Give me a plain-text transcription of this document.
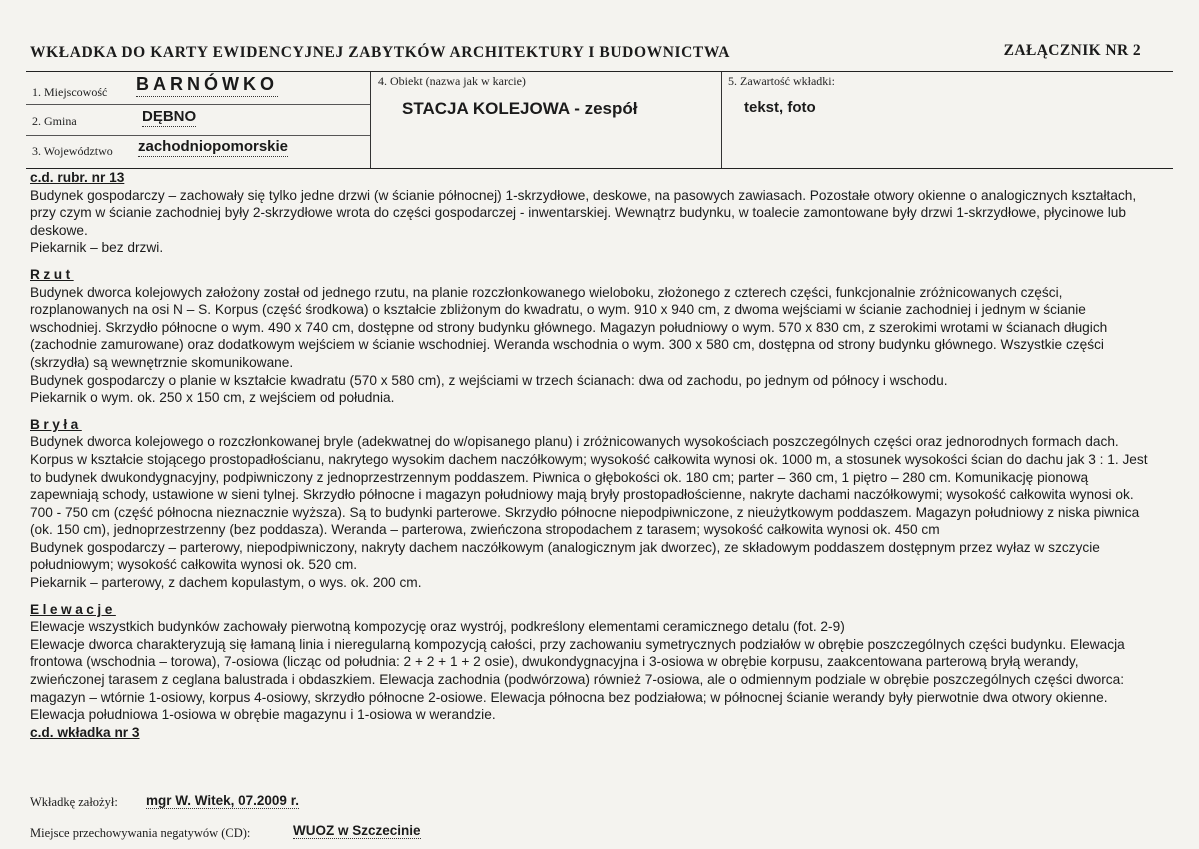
WKŁADKA DO KARTY EWIDENCYJNEJ ZABYTKÓW ARCHITEKTURY I BUDOWNICTWA	ZAŁĄCZNIK NR 2
1. Miejscowość BARNÓWKO
2. Gmina	DĘBNO
3. Województwo zachodniopomorskie
4. Obiekt (nazwa jak w karcie)
STACJA KOLEJOWA - zespół
5. Zawartość wkładki:
tekst, foto

c.d. rubr. nr 13

Budynek gospodarczy – zachowały się tylko jedne drzwi (w ścianie północnej) 1-skrzydłowe, deskowe, na pasowych zawiasach. Pozostałe otwory okienne o analogicznych kształtach, przy czym w ścianie zachodniej były 2-skrzydłowe wrota do części gospodarczej - inwentarskiej. Wewnątrz budynku, w toalecie zamontowane były drzwi 1-skrzydłowe, płycinowe lub deskowe.

Piekarnik – bez drzwi.

Rzut

Budynek dworca kolejowych założony został od jednego rzutu, na planie rozczłonkowanego wieloboku, złożonego z czterech części, funkcjonalnie zróżnicowanych części, rozplanowanych na osi N – S. Korpus (część środkowa) o kształcie zbliżonym do kwadratu, o wym. 910 x 940 cm, z dwoma wejściami w ścianie zachodniej i jednym w ścianie wschodniej. Skrzydło północne o wym. 490 x 740 cm, dostępne od strony budynku głównego. Magazyn południowy o wym. 570 x 830 cm, z szerokimi wrotami w ścianach długich (zachodnie zamurowane) oraz dodatkowym wejściem w ścianie wschodniej. Weranda wschodnia o wym. 300 x 580 cm, dostępna od strony budynku głównego. Wszystkie części (skrzydła) są wewnętrznie skomunikowane.

Budynek gospodarczy o planie w kształcie kwadratu (570 x 580 cm), z wejściami w trzech ścianach: dwa od zachodu, po jednym od północy i wschodu.

Piekarnik o wym. ok. 250 x 150 cm, z wejściem od południa.

Bryła

Budynek dworca kolejowego o rozczłonkowanej bryle (adekwatnej do w/opisanego planu) i zróżnicowanych wysokościach poszczególnych części oraz jednorodnych formach dach. Korpus w kształcie stojącego prostopadłościanu, nakrytego wysokim dachem naczółkowym; wysokość całkowita wynosi ok. 1000 m, a stosunek wysokości ścian do dachu jak 3 : 1. Jest to budynek dwukondygnacyjny, podpiwniczony z jednoprzestrzennym poddaszem. Piwnica o głębokości ok. 180 cm; parter – 360 cm, 1 piętro – 280 cm. Komunikację pionową zapewniają schody, ustawione w sieni tylnej. Skrzydło północne i magazyn południowy mają bryły prostopadłościenne, nakryte dachami naczółkowymi; wysokość całkowita wynosi ok. 700 - 750 cm (część północna nieznacznie wyższa). Są to budynki parterowe. Skrzydło północne niepodpiwniczone, z nieużytkowym poddaszem. Magazyn południowy z niska piwnica (ok. 150 cm), jednoprzestrzenny (bez poddasza). Weranda – parterowa, zwieńczona stropodachem z tarasem; wysokość całkowita wynosi ok. 450 cm

Budynek gospodarczy – parterowy, niepodpiwniczony, nakryty dachem naczółkowym (analogicznym jak dworzec), ze składowym poddaszem dostępnym przez wyłaz w szczycie południowym; wysokość całkowita wynosi ok. 520 cm.

Piekarnik – parterowy, z dachem kopulastym, o wys. ok. 200 cm.

Elewacje

Elewacje wszystkich budynków zachowały pierwotną kompozycję oraz wystrój, podkreślony elementami ceramicznego detalu (fot. 2-9)

Elewacje dworca charakteryzują się łamaną linia i nieregularną kompozycją całości, przy zachowaniu symetrycznych podziałów w obrębie poszczególnych części budynku. Elewacja frontowa (wschodnia – torowa), 7-osiowa (licząc od południa: 2 + 2 + 1 + 2 osie), dwukondygnacyjna i 3-osiowa w obrębie korpusu, zaakcentowana parterową bryłą werandy, zwieńczonej tarasem z ceglana balustrada i obdaszkiem. Elewacja zachodnia (podwórzowa) również 7-osiowa, ale o odmiennym podziale w obrębie poszczególnych części dworca: magazyn – wtórnie 1-osiowy, korpus 4-osiowy, skrzydło północne 2-osiowe. Elewacja północna bez podziałowa; w północnej ścianie werandy były pierwotnie dwa otwory okienne. Elewacja południowa 1-osiowa w obrębie magazynu i 1-osiowa w werandzie.

c.d. wkładka nr 3

Wkładkę założył: mgr W. Witek, 07.2009 r.
Miejsce przechowywania negatywów (CD):	WUOZ w Szczecinie
